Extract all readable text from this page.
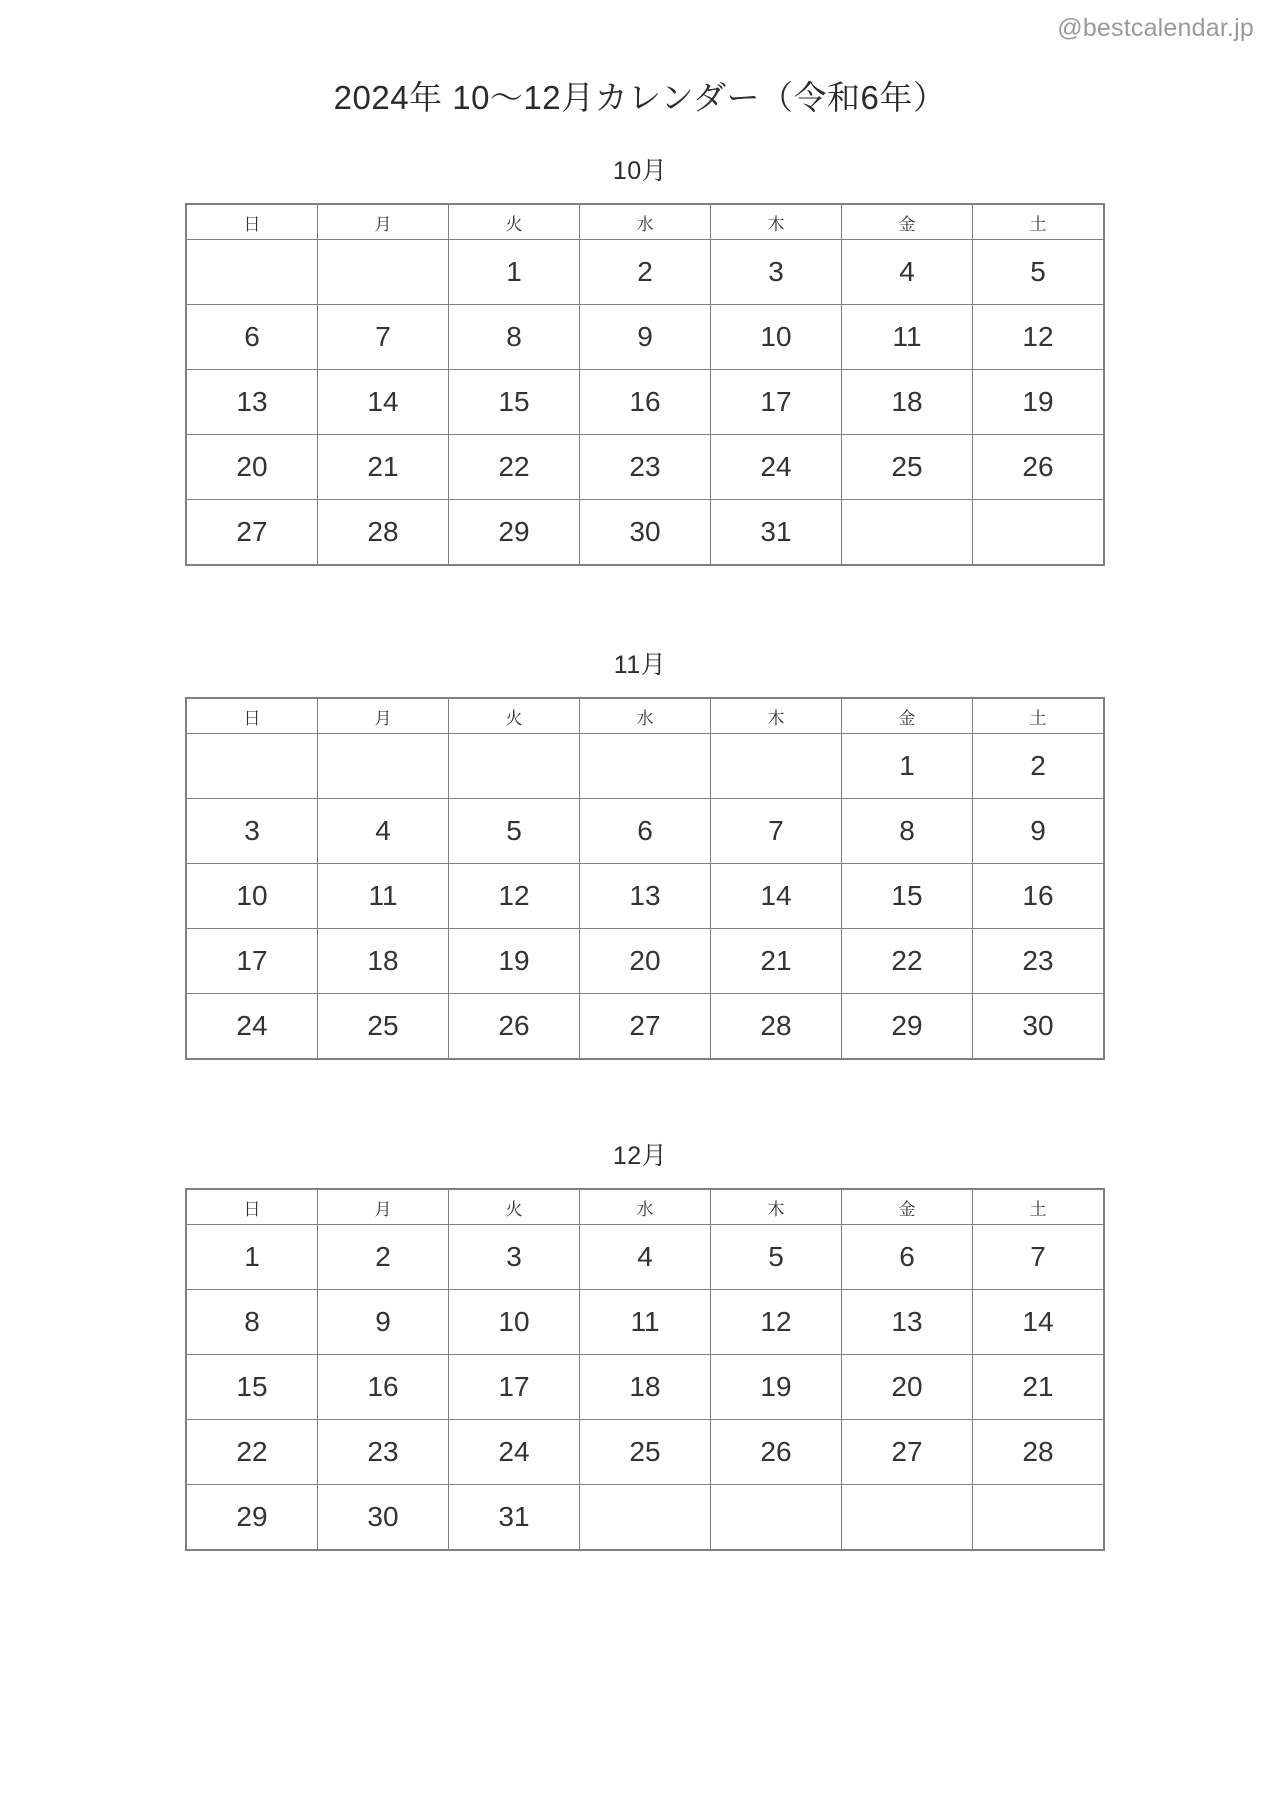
@bestcalendar.jp
2024年 10〜12月カレンダー（令和6年）
10月
日	月	火	水	木	金	土
		1	2	3	4	5
6	7	8	9	10	11	12
13	14	15	16	17	18	19
20	21	22	23	24	25	26
27	28	29	30	31		
11月
日	月	火	水	木	金	土
					1	2
3	4	5	6	7	8	9
10	11	12	13	14	15	16
17	18	19	20	21	22	23
24	25	26	27	28	29	30
12月
日	月	火	水	木	金	土
1	2	3	4	5	6	7
8	9	10	11	12	13	14
15	16	17	18	19	20	21
22	23	24	25	26	27	28
29	30	31				
